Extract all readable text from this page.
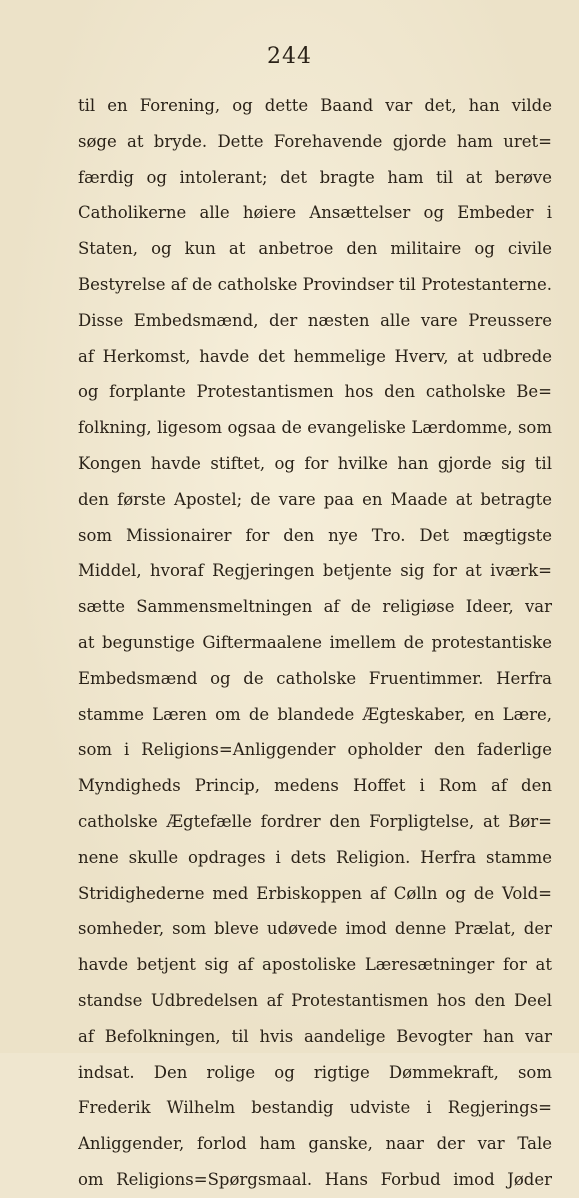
244
til en Forening, og dette Baand var det, han vilde
søge at bryde. Dette Forehavende gjorde ham uret=
færdig og intolerant; det bragte ham til at berøve
Catholikerne alle høiere Ansættelser og Embeder i
Staten, og kun at anbetroe den militaire og civile
Bestyrelse af de catholske Provindser til Protestanterne.
Disse Embedsmænd, der næsten alle vare Preussere
af Herkomst, havde det hemmelige Hverv, at udbrede
og forplante Protestantismen hos den catholske Be=
folkning, ligesom ogsaa de evangeliske Lærdomme, som
Kongen havde stiftet, og for hvilke han gjorde sig til
den første Apostel; de vare paa en Maade at betragte
som Missionairer for den nye Tro. Det mægtigste
Middel, hvoraf Regjeringen betjente sig for at iværk=
sætte Sammensmeltningen af de religiøse Ideer, var
at begunstige Giftermaalene imellem de protestantiske
Embedsmænd og de catholske Fruentimmer. Herfra
stamme Læren om de blandede Ægteskaber, en Lære,
som i Religions=Anliggender opholder den faderlige
Myndigheds Princip, medens Hoffet i Rom af den
catholske Ægtefælle fordrer den Forpligtelse, at Bør=
nene skulle opdrages i dets Religion. Herfra stamme
Stridighederne med Erbiskoppen af Cølln og de Vold=
somheder, som bleve udøvede imod denne Prælat, der
havde betjent sig af apostoliske Læresætninger for at
standse Udbredelsen af Protestantismen hos den Deel
af Befolkningen, til hvis aandelige Bevogter han var
indsat. Den rolige og rigtige Dømmekraft, som
Frederik Wilhelm bestandig udviste i Regjerings=
Anliggender, forlod ham ganske, naar der var Tale
om Religions=Spørgsmaal. Hans Forbud imod Jøder
